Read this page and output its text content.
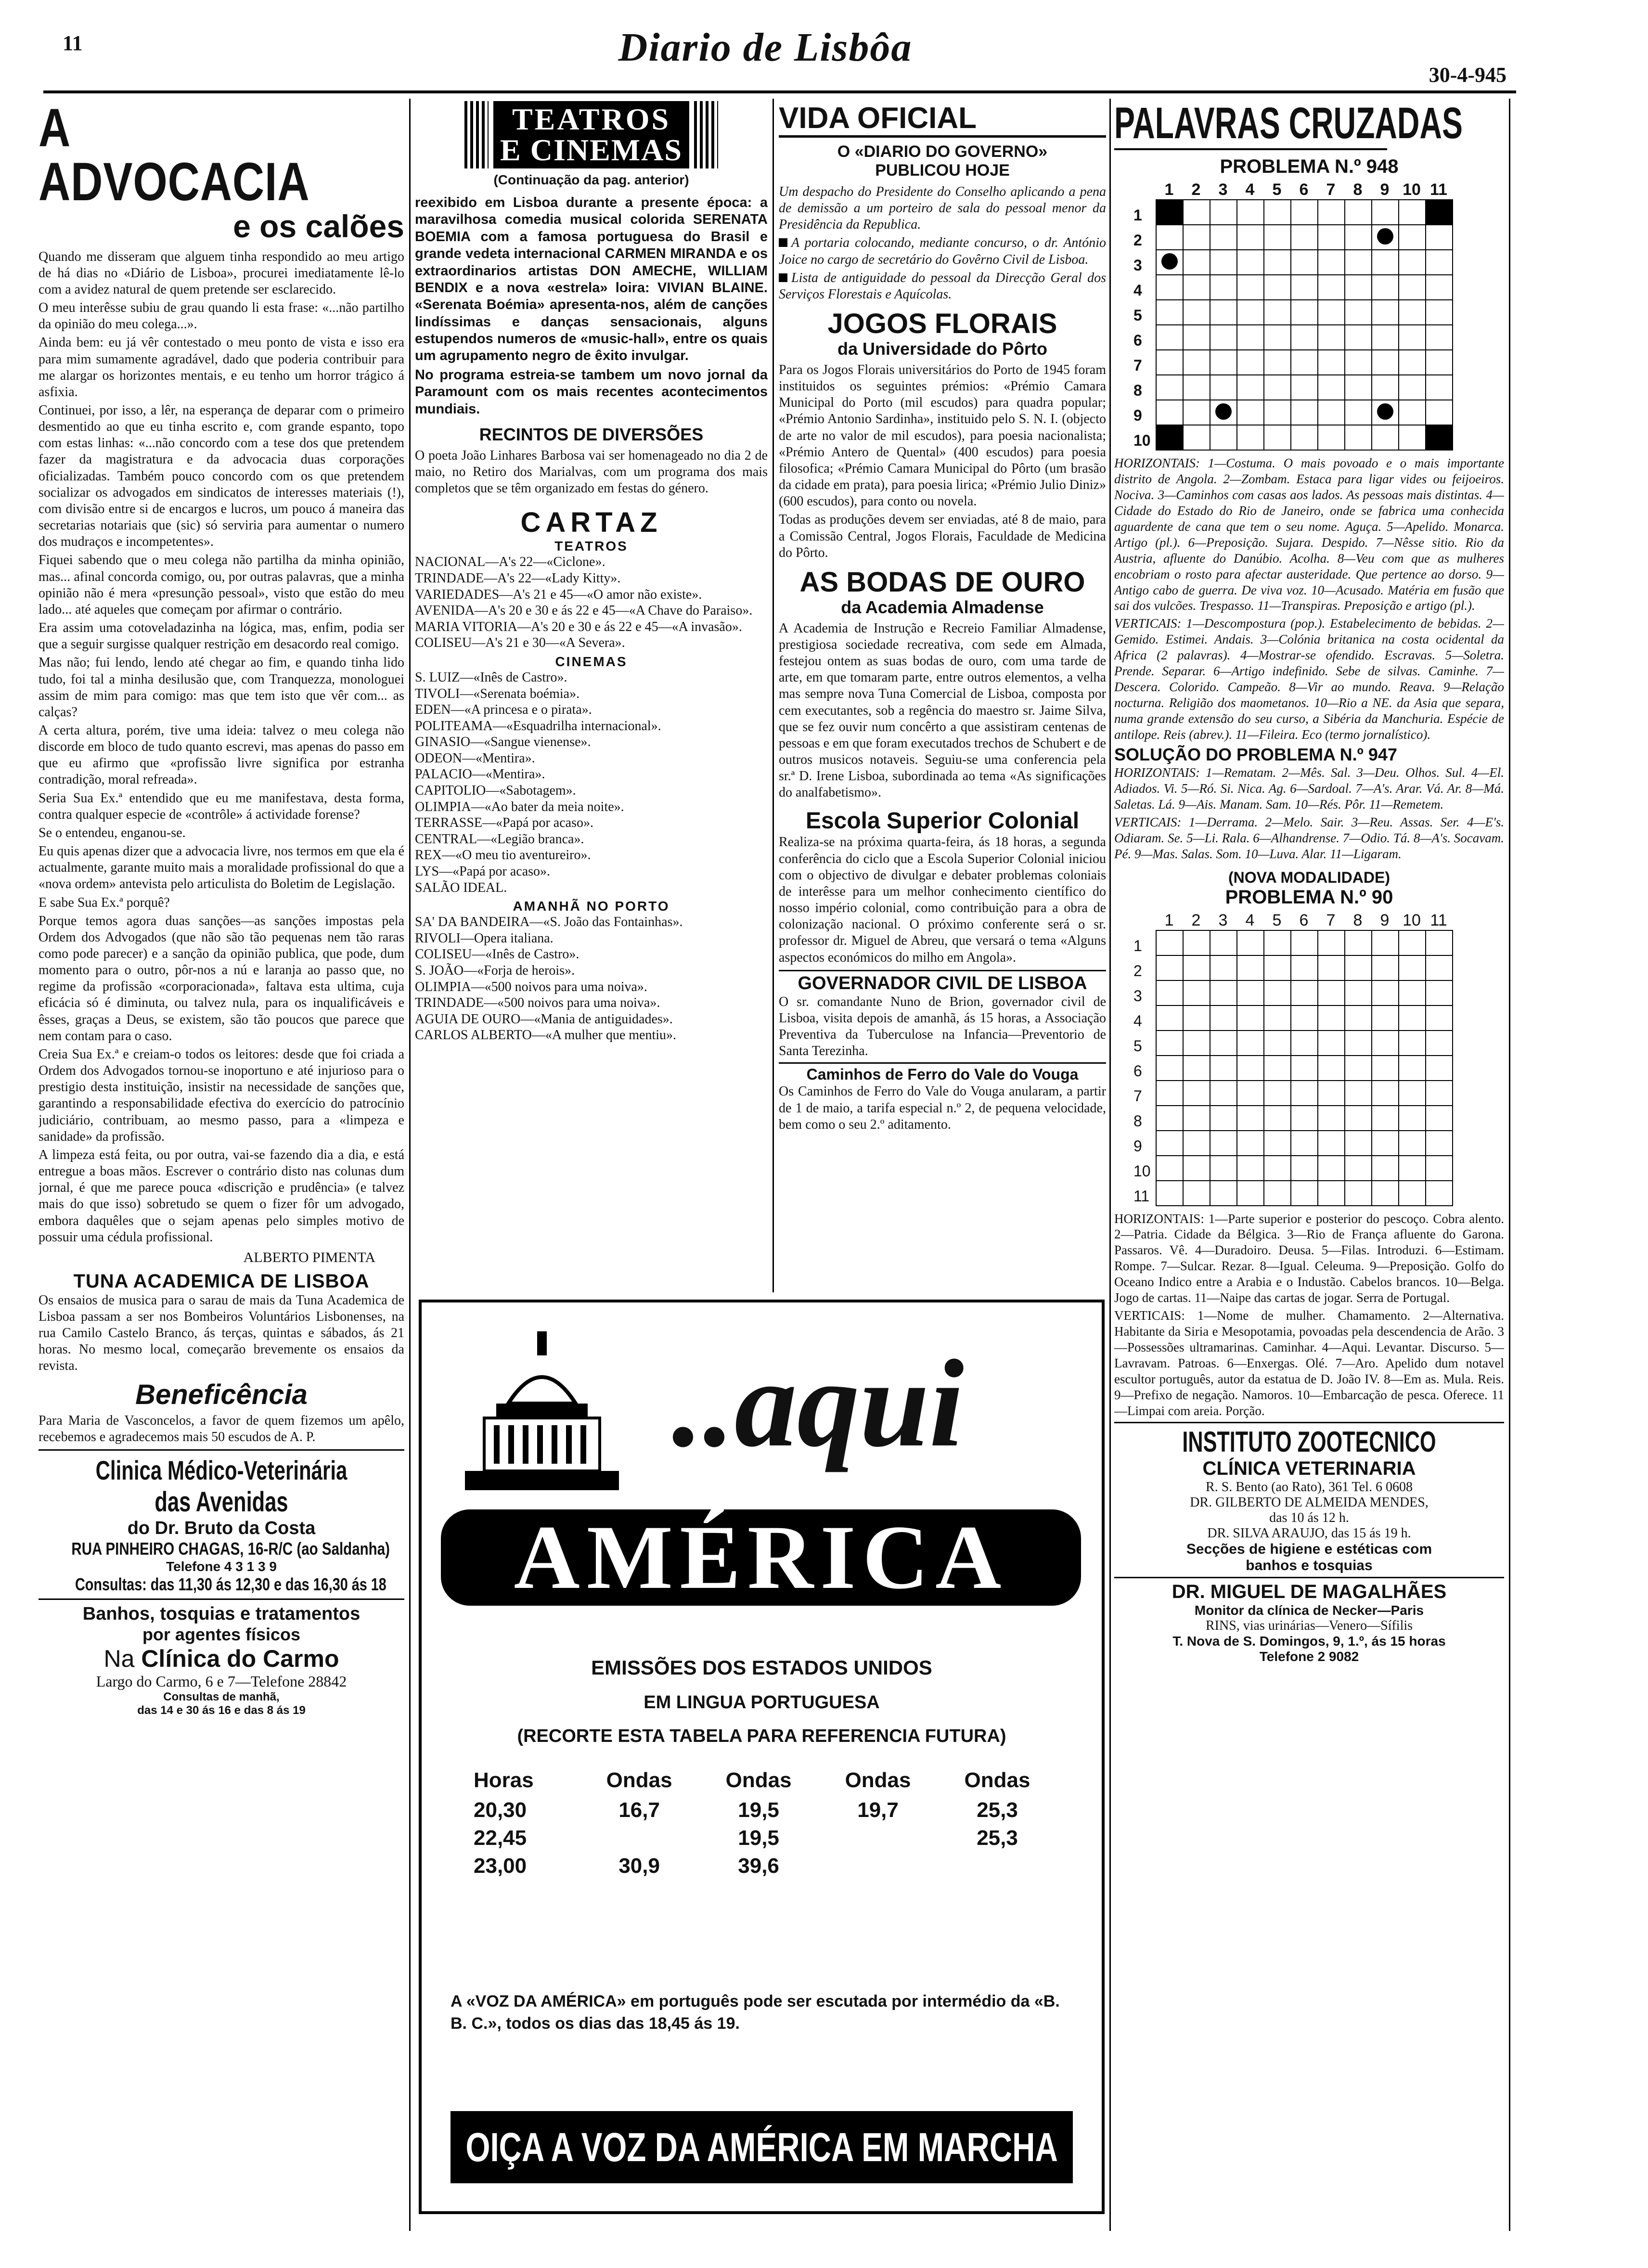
11	Diario de Lisbôa
30-4-945
A ADVOCACIA
e os calões

Quando me disseram que alguem tinha respondido ao meu artigo de há dias no «Diário de Lisboa», procurei imediatamente lê-lo com a avidez natural de quem pretende ser esclarecido.

O meu interêsse subiu de grau quando li esta frase: «...não partilho da opinião do meu colega...».

Ainda bem: eu já vêr contestado o meu ponto de vista e isso era para mim sumamente agradável, dado que poderia contribuir para me alargar os horizontes mentais, e eu tenho um horror trágico á asfixia.

Continuei, por isso, a lêr, na esperança de deparar com o primeiro desmentido ao que eu tinha escrito e, com grande espanto, topo com estas linhas: «...não concordo com a tese dos que pretendem fazer da magistratura e da advocacia duas corporações oficializadas. Também pouco concordo com os que pretendem socializar os advogados em sindicatos de interesses materiais (!), com divisão entre si de encargos e lucros, um pouco á maneira das secretarias notariais que (sic) só serviria para aumentar o numero dos mudraços e incompetentes».

Fiquei sabendo que o meu colega não partilha da minha opinião, mas... afinal concorda comigo, ou, por outras palavras, que a minha opinião não é mera «presunção pessoal», visto que estão do meu lado... até aqueles que começam por afirmar o contrário.

Era assim uma cotoveladazinha na lógica, mas, enfim, podia ser que a seguir surgisse qualquer restrição em desacordo real comigo.

Mas não; fui lendo, lendo até chegar ao fim, e quando tinha lido tudo, foi tal a minha desilusão que, com Tranquezza, monologuei assim de mim para comigo: mas que tem isto que vêr com... as calças?

A certa altura, porém, tive uma ideia: talvez o meu colega não discorde em bloco de tudo quanto escrevi, mas apenas do passo em que eu afirmo que «profissão livre significa por estranha contradição, moral refreada».

Seria Sua Ex.ª entendido que eu me manifestava, desta forma, contra qualquer especie de «contrôle» á actividade forense?

Se o entendeu, enganou-se.

Eu quis apenas dizer que a advocacia livre, nos termos em que ela é actualmente, garante muito mais a moralidade profissional do que a «nova ordem» antevista pelo articulista do Boletim de Legislação.

E sabe Sua Ex.ª porquê?

Porque temos agora duas sanções—as sanções impostas pela Ordem dos Advogados (que não são tão pequenas nem tão raras como pode parecer) e a sanção da opinião publica, que pode, dum momento para o outro, pôr-nos a nú e laranja ao passo que, no regime da profissão «corporacionada», faltava esta ultima, cuja eficácia só é diminuta, ou talvez nula, para os inqualificáveis e êsses, graças a Deus, se existem, são tão poucos que parece que nem contam para o caso.

Creia Sua Ex.ª e creiam-o todos os leitores: desde que foi criada a Ordem dos Advogados tornou-se inoportuno e até injurioso para o prestigio desta instituição, insistir na necessidade de sanções que, garantindo a responsabilidade efectiva do exercício do patrocínio judiciário, contribuam, ao mesmo passo, para a «limpeza e sanidade» da profissão.

A limpeza está feita, ou por outra, vai-se fazendo dia a dia, e está entregue a boas mãos. Escrever o contrário disto nas colunas dum jornal, é que me parece pouca «discrição e prudência» (e talvez mais do que isso) sobretudo se quem o fizer fôr um advogado, embora daquêles que o sejam apenas pelo simples motivo de possuir uma cédula profissional.

ALBERTO PIMENTA
TUNA ACADEMICA DE LISBOA

Os ensaios de musica para o sarau de mais da Tuna Academica de Lisboa passam a ser nos Bombeiros Voluntários Lisbonenses, na rua Camilo Castelo Branco, ás terças, quintas e sábados, ás 21 horas. No mesmo local, começarão brevemente os ensaios da revista.

Beneficência

Para Maria de Vasconcelos, a favor de quem fizemos um apêlo, recebemos e agradecemos mais 50 escudos de A. P.

Clinica Médico-Veterinária
das Avenidas
do Dr. Bruto da Costa
RUA PINHEIRO CHAGAS, 16-R/C (ao Saldanha)
Telefone 4 3 1 3 9
Consultas: das 11,30 ás 12,30 e das 16,30 ás 18
Banhos, tosquias e tratamentos
por agentes físicos
Na Clínica do Carmo
Largo do Carmo, 6 e 7—Telefone 28842
Consultas de manhã,
das 14 e 30 ás 16 e das 8 ás 19
TEATROS
E CINEMAS
(Continuação da pag. anterior)

reexibido em Lisboa durante a presente época: a maravilhosa comedia musical colorida SERENATA BOEMIA com a famosa portuguesa do Brasil e grande vedeta internacional CARMEN MIRANDA e os extraordinarios artistas DON AMECHE, WILLIAM BENDIX e a nova «estrela» loira: VIVIAN BLAINE. «Serenata Boémia» apresenta-nos, além de canções lindíssimas e danças sensacionais, alguns estupendos numeros de «music-hall», entre os quais um agrupamento negro de êxito invulgar.

No programa estreia-se tambem um novo jornal da Paramount com os mais recentes acontecimentos mundiais.

RECINTOS DE DIVERSÕES

O poeta João Linhares Barbosa vai ser homenageado no dia 2 de maio, no Retiro dos Marialvas, com um programa dos mais completos que se têm organizado em festas do género.

CARTAZ
TEATROS
NACIONAL—A's 22—«Ciclone».
TRINDADE—A's 22—«Lady Kitty».
VARIEDADES—A's 21 e 45—«O amor não existe».
AVENIDA—A's 20 e 30 e ás 22 e 45—«A Chave do Paraiso».
MARIA VITORIA—A's 20 e 30 e ás 22 e 45—«A invasão».
COLISEU—A's 21 e 30—«A Severa».
CINEMAS
S. LUIZ—«Inês de Castro».
TIVOLI—«Serenata boémia».
EDEN—«A princesa e o pirata».
POLITEAMA—«Esquadrilha internacional».
GINASIO—«Sangue vienense».
ODEON—«Mentira».
PALACIO—«Mentira».
CAPITOLIO—«Sabotagem».
OLIMPIA—«Ao bater da meia noite».
TERRASSE—«Papá por acaso».
CENTRAL—«Legião branca».
REX—«O meu tio aventureiro».
LYS—«Papá por acaso».
SALÃO IDEAL.
AMANHÃ NO PORTO
SA' DA BANDEIRA—«S. João das Fontainhas».
RIVOLI—Opera italiana.
COLISEU—«Inês de Castro».
S. JOÃO—«Forja de herois».
OLIMPIA—«500 noivos para uma noiva».
TRINDADE—«500 noivos para uma noiva».
AGUIA DE OURO—«Mania de antiguidades».
CARLOS ALBERTO—«A mulher que mentiu».
VIDA OFICIAL
O «DIARIO DO GOVERNO»
PUBLICOU HOJE

Um despacho do Presidente do Conselho aplicando a pena de demissão a um porteiro de sala do pessoal menor da Presidência da Republica.

A portaria colocando, mediante concurso, o dr. António Joice no cargo de secretário do Govêrno Civil de Lisboa.

Lista de antiguidade do pessoal da Direcção Geral dos Serviços Florestais e Aquícolas.

JOGOS FLORAIS
da Universidade do Pôrto

Para os Jogos Florais universitários do Porto de 1945 foram instituidos os seguintes prémios: «Prémio Camara Municipal do Porto (mil escudos) para quadra popular; «Prémio Antonio Sardinha», instituido pelo S. N. I. (objecto de arte no valor de mil escudos), para poesia nacionalista; «Prémio Antero de Quental» (400 escudos) para poesia filosofica; «Prémio Camara Municipal do Pôrto (um brasão da cidade em prata), para poesia lirica; «Prémio Julio Diniz» (600 escudos), para conto ou novela.

Todas as produções devem ser enviadas, até 8 de maio, para a Comissão Central, Jogos Florais, Faculdade de Medicina do Pôrto.

AS BODAS DE OURO
da Academia Almadense

A Academia de Instrução e Recreio Familiar Almadense, prestigiosa sociedade recreativa, com sede em Almada, festejou ontem as suas bodas de ouro, com uma tarde de arte, em que tomaram parte, entre outros elementos, a velha mas sempre nova Tuna Comercial de Lisboa, composta por cem executantes, sob a regência do maestro sr. Jaime Silva, que se fez ouvir num concêrto a que assistiram centenas de pessoas e em que foram executados trechos de Schubert e de outros musicos notaveis. Seguiu-se uma conferencia pela sr.ª D. Irene Lisboa, subordinada ao tema «As significações do analfabetismo».

Escola Superior Colonial

Realiza-se na próxima quarta-feira, ás 18 horas, a segunda conferência do ciclo que a Escola Superior Colonial iniciou com o objectivo de divulgar e debater problemas coloniais de interêsse para um melhor conhecimento científico do nosso império colonial, como contribuição para a obra de colonização nacional. O próximo conferente será o sr. professor dr. Miguel de Abreu, que versará o tema «Alguns aspectos económicos do milho em Angola».

GOVERNADOR CIVIL DE LISBOA

O sr. comandante Nuno de Brion, governador civil de Lisboa, visita depois de amanhã, ás 15 horas, a Associação Preventiva da Tuberculose na Infancia—Preventorio de Santa Terezinha.

Caminhos de Ferro do Vale do Vouga

Os Caminhos de Ferro do Vale do Vouga anularam, a partir de 1 de maio, a tarifa especial n.º 2, de pequena velocidade, bem como o seu 2.º aditamento.

..aqui
AMÉRICA
EMISSÕES DOS ESTADOS UNIDOS
EM LINGUA PORTUGUESA
(RECORTE ESTA TABELA PARA REFERENCIA FUTURA)
Horas	Ondas	Ondas	Ondas	Ondas
20,30	16,7	19,5	19,7	25,3
22,45		19,5		25,3
23,00	30,9	39,6		
A «VOZ DA AMÉRICA» em português pode ser escutada por intermédio da «B. B. C.», todos os dias das 18,45 ás 19.
OIÇA A VOZ DA AMÉRICA EM MARCHA
PALAVRAS CRUZADAS
PROBLEMA N.º 948
1	2	3	4	5	6	7	8	9 10 11
1
2
3
4
5
6
7
8
9
10

HORIZONTAIS: 1—Costuma. O mais povoado e o mais importante distrito de Angola. 2—Zombam. Estaca para ligar vides ou feijoeiros. Nociva. 3—Caminhos com casas aos lados. As pessoas mais distintas. 4—Cidade do Estado do Rio de Janeiro, onde se fabrica uma conhecida aguardente de cana que tem o seu nome. Aguça. 5—Apelido. Monarca. Artigo (pl.). 6—Preposição. Sujara. Despido. 7—Nêsse sitio. Rio da Austria, afluente do Danúbio. Acolha. 8—Veu com que as mulheres encobriam o rosto para afectar austeridade. Que pertence ao dorso. 9—Antigo cabo de guerra. De viva voz. 10—Acusado. Matéria em fusão que sai dos vulcões. Trespasso. 11—Transpiras. Preposição e artigo (pl.).

VERTICAIS: 1—Descompostura (pop.). Estabelecimento de bebidas. 2—Gemido. Estimei. Andais. 3—Colónia britanica na costa ocidental da Africa (2 palavras). 4—Mostrar-se ofendido. Escravas. 5—Soletra. Prende. Separar. 6—Artigo indefinido. Sebe de silvas. Caminhe. 7—Descera. Colorido. Campeão. 8—Vir ao mundo. Reava. 9—Relação nocturna. Religião dos maometanos. 10—Rio a NE. da Asia que separa, numa grande extensão do seu curso, a Sibéria da Manchuria. Espécie de antilope. Reis (abrev.). 11—Fileira. Eco (termo jornalístico).

SOLUÇÃO DO PROBLEMA N.º 947

HORIZONTAIS: 1—Rematam. 2—Mês. Sal. 3—Deu. Olhos. Sul. 4—El. Adiados. Vi. 5—Ró. Si. Nica. Ag. 6—Sardoal. 7—A's. Arar. Vá. Ar. 8—Má. Saletas. Lá. 9—Ais. Manam. Sam. 10—Rés. Pôr. 11—Remetem.

VERTICAIS: 1—Derrama. 2—Melo. Sair. 3—Reu. Assas. Ser. 4—E's. Odiaram. Se. 5—Li. Rala. 6—Alhandrense. 7—Odio. Tá. 8—A's. Socavam. Pé. 9—Mas. Salas. Som. 10—Luva. Alar. 11—Ligaram.

(NOVA MODALIDADE)
PROBLEMA N.º 90
1	2	3	4	5	6	7	8	9 10 11
1
2
3
4
5
6
7
8
9
10
11

HORIZONTAIS: 1—Parte superior e posterior do pescoço. Cobra alento. 2—Patria. Cidade da Bélgica. 3—Rio de França afluente do Garona. Passaros. Vê. 4—Duradoiro. Deusa. 5—Filas. Introduzi. 6—Estimam. Rompe. 7—Sulcar. Rezar. 8—Igual. Celeuma. 9—Preposição. Golfo do Oceano Indico entre a Arabia e o Industão. Cabelos brancos. 10—Belga. Jogo de cartas. 11—Naipe das cartas de jogar. Serra de Portugal.

VERTICAIS: 1—Nome de mulher. Chamamento. 2—Alternativa. Habitante da Siria e Mesopotamia, povoadas pela descendencia de Arão. 3—Possessões ultramarinas. Caminhar. 4—Aqui. Levantar. Discurso. 5—Lavravam. Patroas. 6—Enxergas. Olé. 7—Aro. Apelido dum notavel escultor português, autor da estatua de D. João IV. 8—Em as. Mula. Reis. 9—Prefixo de negação. Namoros. 10—Embarcação de pesca. Oferece. 11—Limpai com areia. Porção.

INSTITUTO ZOOTECNICO
CLÍNICA VETERINARIA
R. S. Bento (ao Rato), 361 Tel. 6 0608
DR. GILBERTO DE ALMEIDA MENDES,
das 10 ás 12 h.
DR. SILVA ARAUJO, das 15 ás 19 h.
Secções de higiene e estéticas com
banhos e tosquias
DR. MIGUEL DE MAGALHÃES
Monitor da clínica de Necker—Paris
RINS, vias urinárias—Venero—Sífilis
T. Nova de S. Domingos, 9, 1.º, ás 15 horas
Telefone 2 9082
